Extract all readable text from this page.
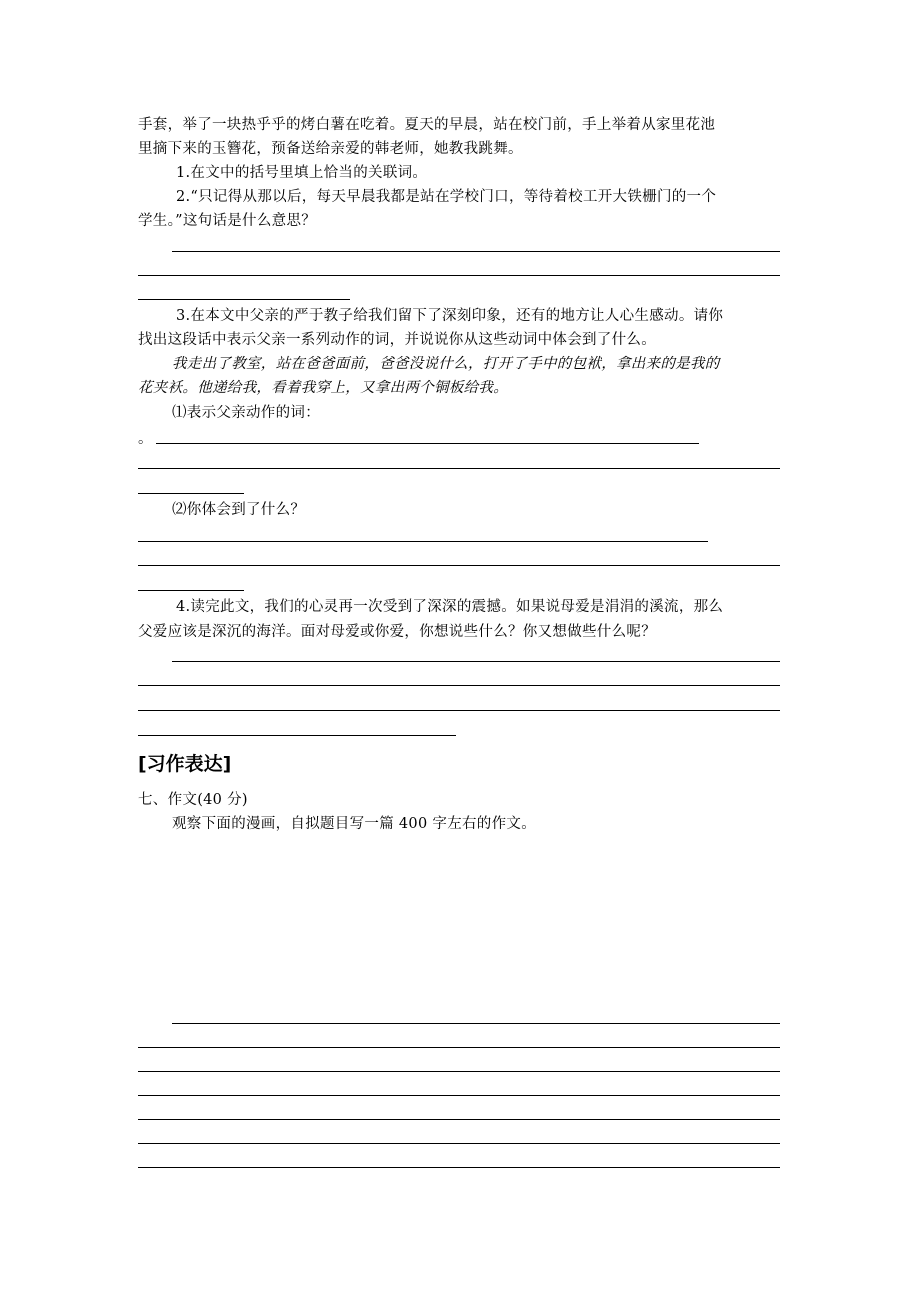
手套，举了一块热乎乎的烤白薯在吃着。夏天的早晨，站在校门前，手上举着从家里花池
里摘下来的玉簪花，预备送给亲爱的韩老师，她教我跳舞。
1.在文中的括号里填上恰当的关联词。
2.“只记得从那以后，每天早晨我都是站在学校门口，等待着校工开大铁栅门的一个
学生。”这句话是什么意思？
3.在本文中父亲的严于教子给我们留下了深刻印象，还有的地方让人心生感动。请你
找出这段话中表示父亲一系列动作的词，并说说你从这些动词中体会到了什么。
我走出了教室，站在爸爸面前，爸爸没说什么，打开了手中的包袱，拿出来的是我的
花夹袄。他递给我，看着我穿上，又拿出两个铜板给我。
⑴表示父亲动作的词：
。
⑵你体会到了什么？
4.读完此文，我们的心灵再一次受到了深深的震撼。如果说母爱是涓涓的溪流，那么
父爱应该是深沉的海洋。面对母爱或你爱，你想说些什么？你又想做些什么呢？
[习作表达]
七、作文(40 分)
观察下面的漫画，自拟题目写一篇 400 字左右的作文。
